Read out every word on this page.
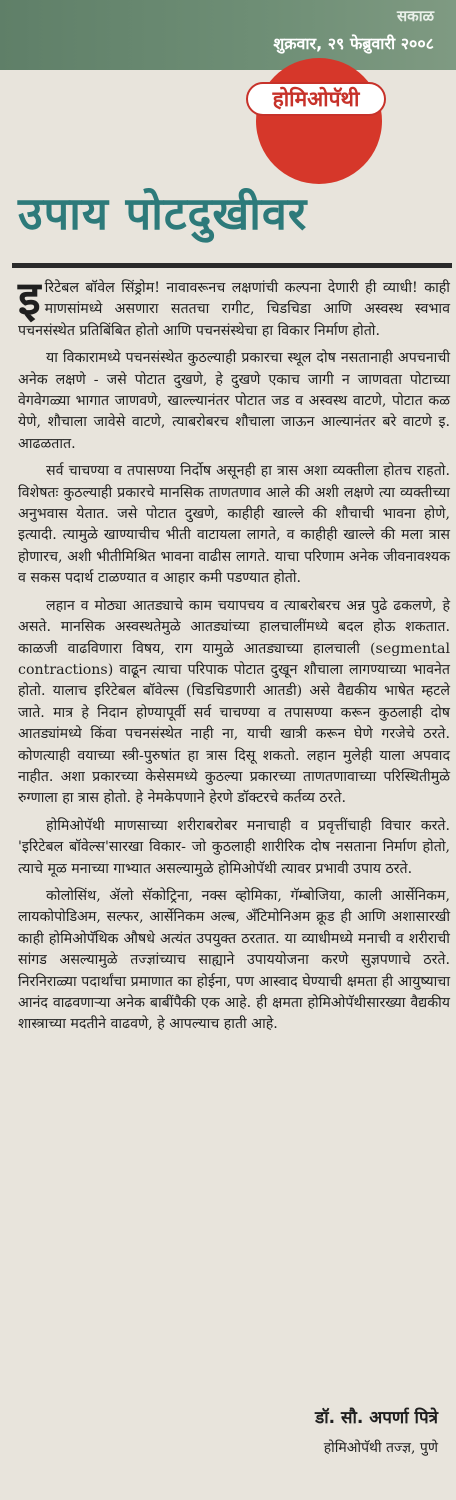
सकाळ
शुक्रवार, २९ फेब्रुवारी २००८
होमिओपॅथी
उपाय पोटदुखीवर

इ रिटेबल बॉवेल सिंड्रोम! नावावरूनच लक्षणांची कल्पना देणारी ही व्याधी! काही माणसांमध्ये असणारा सततचा रागीट, चिडचिडा आणि अस्वस्थ स्वभाव पचनसंस्थेत प्रतिबिंबित होतो आणि पचनसंस्थेचा हा विकार निर्माण होतो.

या विकारामध्ये पचनसंस्थेत कुठल्याही प्रकारचा स्थूल दोष नसतानाही अपचनाची अनेक लक्षणे - जसे पोटात दुखणे, हे दुखणे एकाच जागी न जाणवता पोटाच्या वेगवेगळ्या भागात जाणवणे, खाल्ल्यानंतर पोटात जड व अस्वस्थ वाटणे, पोटात कळ येणे, शौचाला जावेसे वाटणे, त्याबरोबरच शौचाला जाऊन आल्यानंतर बरे वाटणे इ. आढळतात.

सर्व चाचण्या व तपासण्या निर्दोष असूनही हा त्रास अशा व्यक्तीला होतच राहतो. विशेषतः कुठल्याही प्रकारचे मानसिक ताणतणाव आले की अशी लक्षणे त्या व्यक्तीच्या अनुभवास येतात. जसे पोटात दुखणे, काहीही खाल्ले की शौचाची भावना होणे, इत्यादी. त्यामुळे खाण्याचीच भीती वाटायला लागते, व काहीही खाल्ले की मला त्रास होणारच, अशी भीतीमिश्रित भावना वाढीस लागते. याचा परिणाम अनेक जीवनावश्यक व सकस पदार्थ टाळण्यात व आहार कमी पडण्यात होतो.

लहान व मोठ्या आतड्याचे काम चयापचय व त्याबरोबरच अन्न पुढे ढकलणे, हे असते. मानसिक अस्वस्थतेमुळे आतड्यांच्या हालचालींमध्ये बदल होऊ शकतात. काळजी वाढविणारा विषय, राग यामुळे आतड्याच्या हालचाली (segmental contractions) वाढून त्याचा परिपाक पोटात दुखून शौचाला लागण्याच्या भावनेत होतो. यालाच इरिटेबल बॉवेल्स (चिडचिडणारी आतडी) असे वैद्यकीय भाषेत म्हटले जाते. मात्र हे निदान होण्यापूर्वी सर्व चाचण्या व तपासण्या करून कुठलाही दोष आतड्यांमध्ये किंवा पचनसंस्थेत नाही ना, याची खात्री करून घेणे गरजेचे ठरते. कोणत्याही वयाच्या स्त्री-पुरुषांत हा त्रास दिसू शकतो. लहान मुलेही याला अपवाद नाहीत. अशा प्रकारच्या केसेसमध्ये कुठल्या प्रकारच्या ताणतणावाच्या परिस्थितीमुळे रुग्णाला हा त्रास होतो. हे नेमकेपणाने हेरणे डॉक्टरचे कर्तव्य ठरते.

होमिओपॅथी माणसाच्या शरीराबरोबर मनाचाही व प्रवृत्तींचाही विचार करते. 'इरिटेबल बॉवेल्स'सारखा विकार- जो कुठलाही शारीरिक दोष नसताना निर्माण होतो, त्याचे मूळ मनाच्या गाभ्यात असल्यामुळे होमिओपॅथी त्यावर प्रभावी उपाय ठरते.

कोलोसिंथ, ॲलो सॅकोट्रिना, नक्स व्होमिका, गॅम्बोजिया, काली आर्सेनिकम, लायकोपोडिअम, सल्फर, आर्सेनिकम अल्ब, ॲंटिमोनिअम क्रूड ही आणि अशासारखी काही होमिओपॅथिक औषधे अत्यंत उपयुक्त ठरतात. या व्याधीमध्ये मनाची व शरीराची सांगड असल्यामुळे तज्ज्ञांच्याच साह्याने उपाययोजना करणे सुज्ञपणाचे ठरते. निरनिराळ्या पदार्थांचा प्रमाणात का होईना, पण आस्वाद घेण्याची क्षमता ही आयुष्याचा आनंद वाढवणाऱ्या अनेक बाबींपैकी एक आहे. ही क्षमता होमिओपॅथीसारख्या वैद्यकीय शास्त्राच्या मदतीने वाढवणे, हे आपल्याच हाती आहे.

डॉ. सौ. अपर्णा पित्रे
होमिओपॅथी तज्ज्ञ, पुणे
